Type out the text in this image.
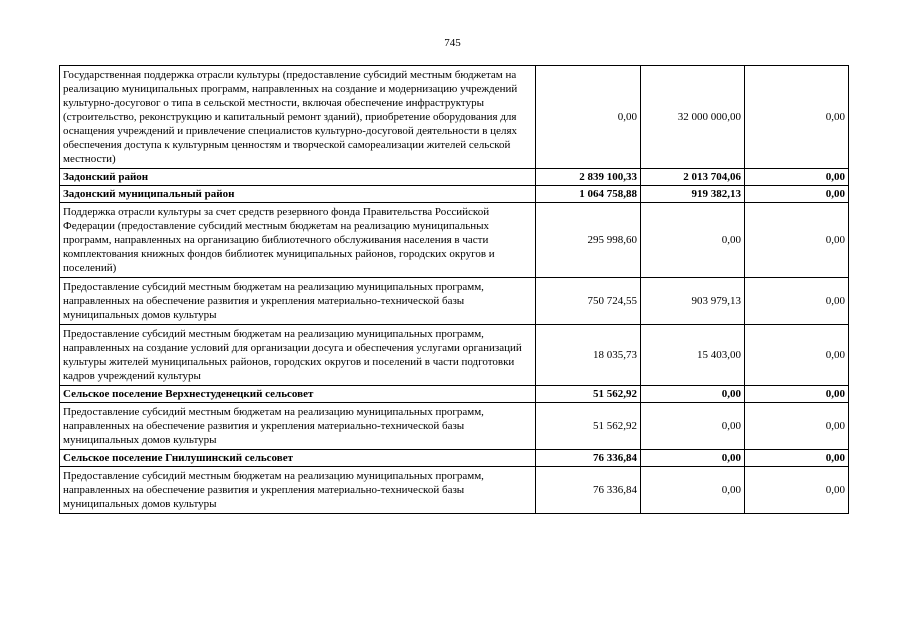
745
Государственная поддержка отрасли культуры (предоставление субсидий местным бюджетам на реализацию муниципальных программ, направленных на создание и модернизацию учреждений культурно-досуговог о типа в сельской местности, включая обеспечение инфраструктуры (строительство, реконструкцию и капитальный ремонт зданий), приобретение оборудования для оснащения учреждений и привлечение специалистов культурно-досуговой деятельности в целях обеспечения доступа к культурным ценностям и творческой самореализации жителей сельской местности)	0,00	32 000 000,00	0,00
Задонский район	2 839 100,33	2 013 704,06	0,00
Задонский муниципальный район	1 064 758,88	919 382,13	0,00
Поддержка отрасли культуры за счет средств резервного фонда Правительства Российской Федерации (предоставление субсидий местным бюджетам на реализацию муниципальных программ, направленных на организацию библиотечного обслуживания населения в части комплектования книжных фондов библиотек муниципальных районов, городских округов и поселений)	295 998,60	0,00	0,00
Предоставление субсидий местным бюджетам на реализацию муниципальных программ, направленных на обеспечение развития и укрепления материально-технической базы муниципальных домов культуры	750 724,55	903 979,13	0,00
Предоставление субсидий местным бюджетам на реализацию муниципальных программ, направленных на создание условий для организации досуга и обеспечения услугами организаций культуры жителей муниципальных районов, городских округов и поселений в части подготовки кадров учреждений культуры	18 035,73	15 403,00	0,00
Сельское поселение Верхнестуденецкий сельсовет	51 562,92	0,00	0,00
Предоставление субсидий местным бюджетам на реализацию муниципальных программ, направленных на обеспечение развития и укрепления материально-технической базы муниципальных домов культуры	51 562,92	0,00	0,00
Сельское поселение Гнилушинский сельсовет	76 336,84	0,00	0,00
Предоставление субсидий местным бюджетам на реализацию муниципальных программ, направленных на обеспечение развития и укрепления материально-технической базы муниципальных домов культуры	76 336,84	0,00	0,00
